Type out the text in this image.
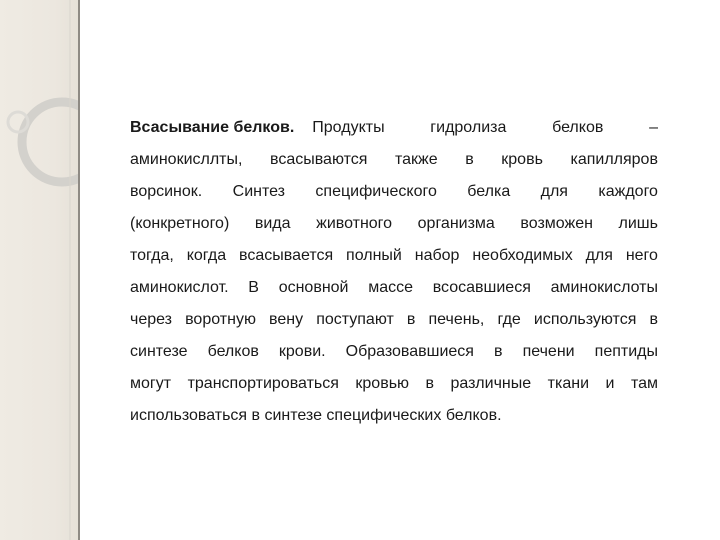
Всасывание белков. Продукты	гидролиза	белков	–
аминокисллты, всасываются также в кровь капилляров
ворсинок. Синтез специфического белка для каждого
(конкретного) вида животного организма возможен лишь
тогда, когда всасывается полный набор необходимых для него
аминокислот. В основной массе всосавшиеся аминокислоты
через воротную вену поступают в печень, где используются в
синтезе белков крови. Образовавшиеся в печени пептиды
могут транспортироваться кровью в различные ткани и там
использоваться в синтезе специфических белков.
